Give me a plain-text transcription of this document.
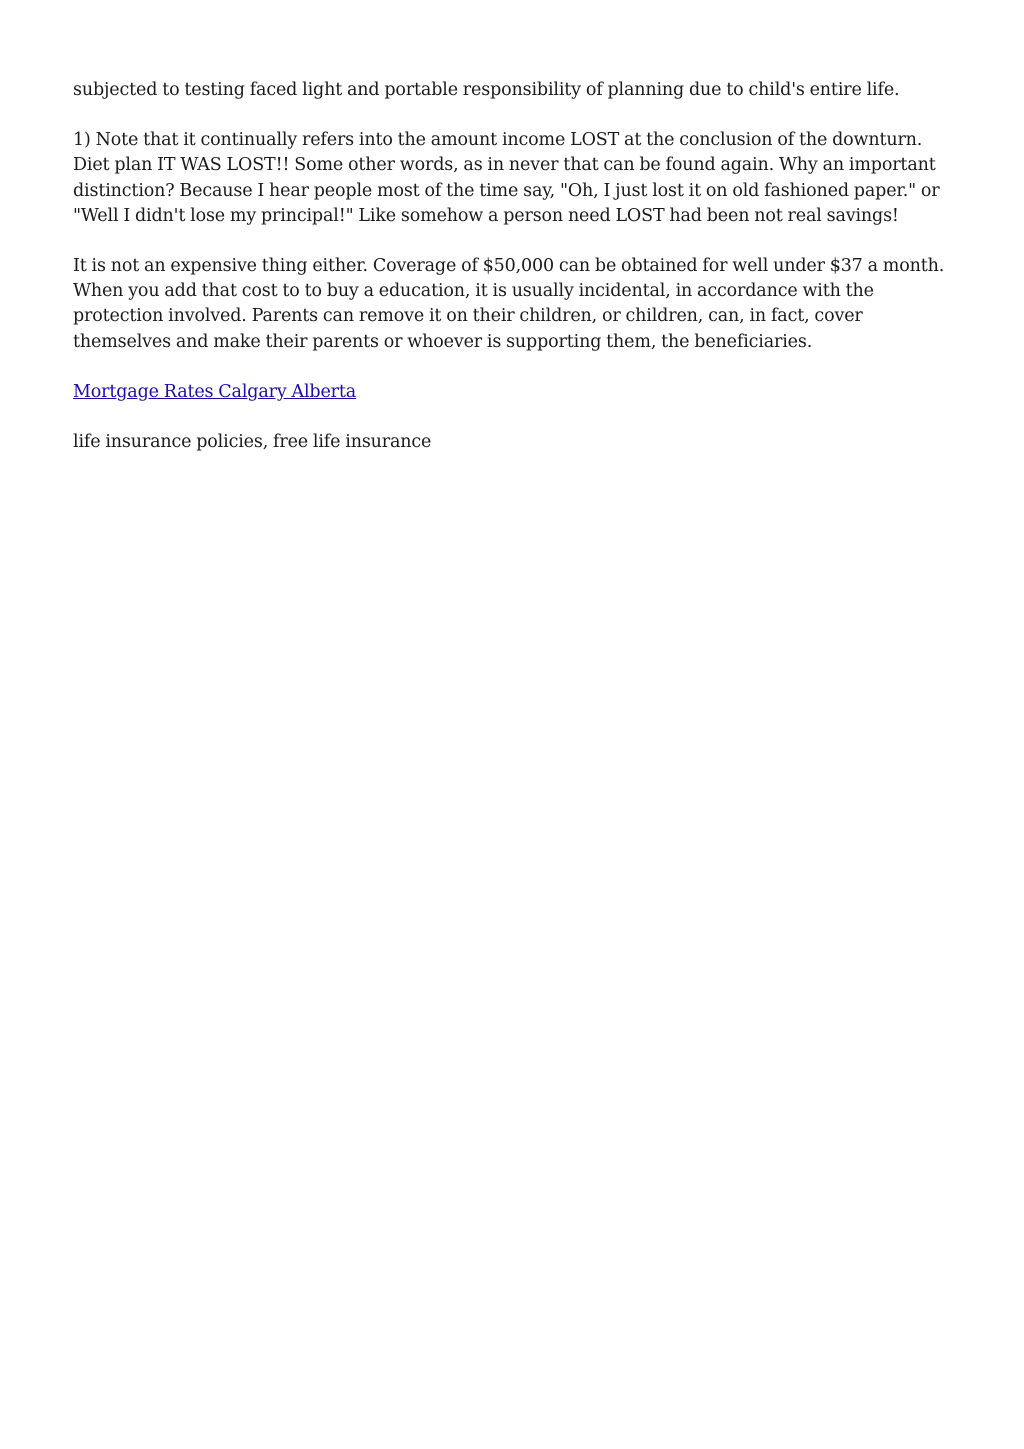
subjected to testing faced light and portable responsibility of planning due to child's entire life.

1) Note that it continually refers into the amount income LOST at the conclusion of the downturn.
Diet plan IT WAS LOST!! Some other words, as in never that can be found again. Why an important
distinction? Because I hear people most of the time say, "Oh, I just lost it on old fashioned paper." or
"Well I didn't lose my principal!" Like somehow a person need LOST had been not real savings!

It is not an expensive thing either. Coverage of $50,000 can be obtained for well under $37 a month.
When you add that cost to to buy a education, it is usually incidental, in accordance with the
protection involved. Parents can remove it on their children, or children, can, in fact, cover
themselves and make their parents or whoever is supporting them, the beneficiaries.

Mortgage Rates Calgary Alberta

life insurance policies, free life insurance
